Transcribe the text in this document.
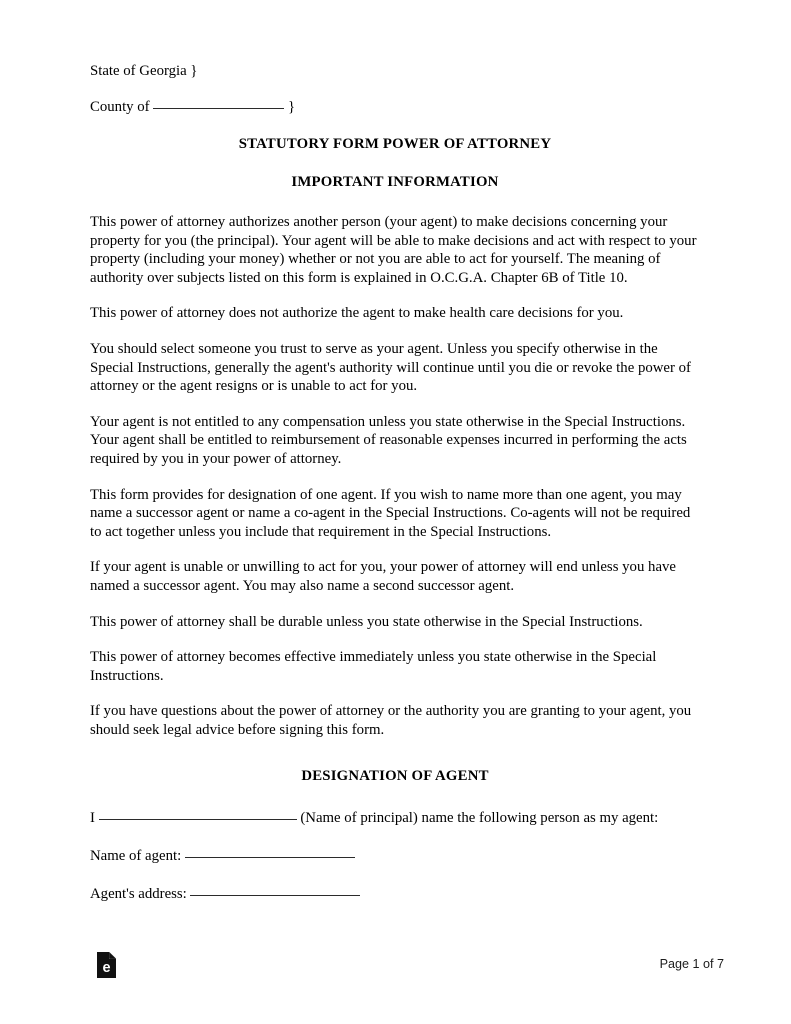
State of Georgia }

County of	}

STATUTORY FORM POWER OF ATTORNEY
IMPORTANT INFORMATION

This power of attorney authorizes another person (your agent) to make decisions concerning your property for you (the principal). Your agent will be able to make decisions and act with respect to your property (including your money) whether or not you are able to act for yourself. The meaning of authority over subjects listed on this form is explained in O.C.G.A. Chapter 6B of Title 10.

This power of attorney does not authorize the agent to make health care decisions for you.

You should select someone you trust to serve as your agent. Unless you specify otherwise in the Special Instructions, generally the agent's authority will continue until you die or revoke the power of attorney or the agent resigns or is unable to act for you.

Your agent is not entitled to any compensation unless you state otherwise in the Special Instructions. Your agent shall be entitled to reimbursement of reasonable expenses incurred in performing the acts required by you in your power of attorney.

This form provides for designation of one agent. If you wish to name more than one agent, you may name a successor agent or name a co-agent in the Special Instructions. Co-agents will not be required to act together unless you include that requirement in the Special Instructions.

If your agent is unable or unwilling to act for you, your power of attorney will end unless you have named a successor agent. You may also name a second successor agent.

This power of attorney shall be durable unless you state otherwise in the Special Instructions.

This power of attorney becomes effective immediately unless you state otherwise in the Special Instructions.

If you have questions about the power of attorney or the authority you are granting to your agent, you should seek legal advice before signing this form.

DESIGNATION OF AGENT

I	(Name of principal) name the following person as my agent:

Name of agent:

Agent's address:

e	Page 1 of 7
